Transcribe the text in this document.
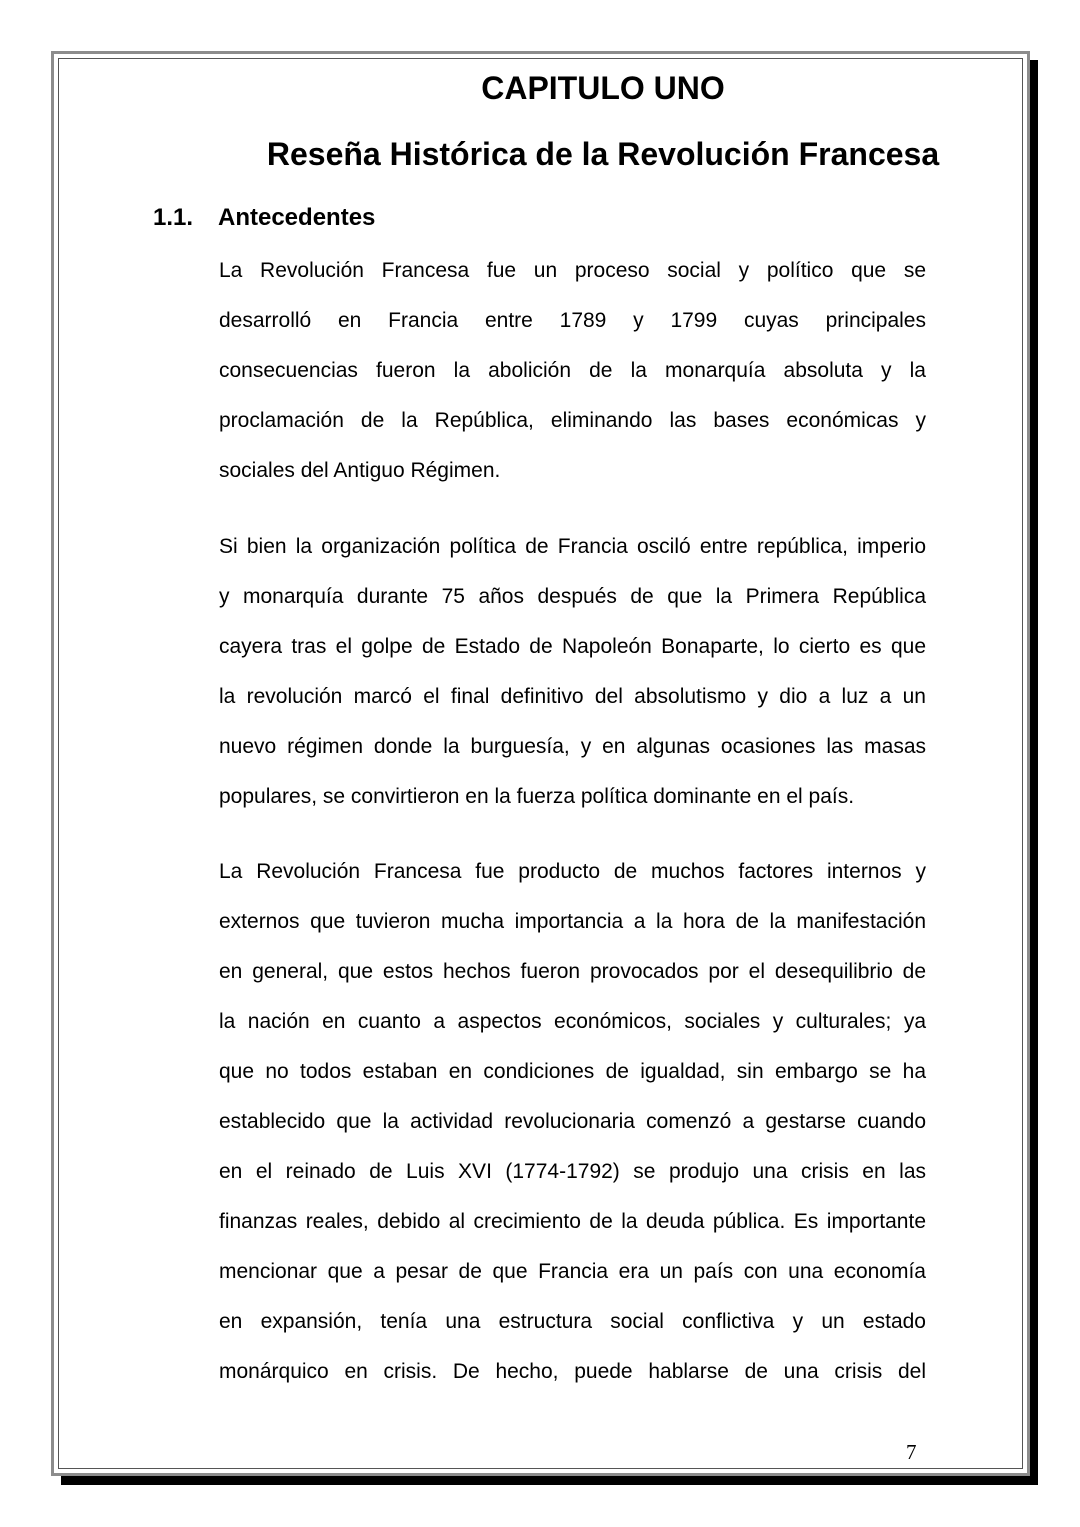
CAPITULO UNO
Reseña Histórica de la Revolución Francesa
1.1. Antecedentes
La Revolución Francesa fue un proceso social y político que se
desarrolló en Francia entre 1789 y 1799 cuyas principales
consecuencias fueron la abolición de la monarquía absoluta y la
proclamación de la República, eliminando las bases económicas y
sociales del Antiguo Régimen.
Si bien la organización política de Francia osciló entre república, imperio
y monarquía durante 75 años después de que la Primera República
cayera tras el golpe de Estado de Napoleón Bonaparte, lo cierto es que
la revolución marcó el final definitivo del absolutismo y dio a luz a un
nuevo régimen donde la burguesía, y en algunas ocasiones las masas
populares, se convirtieron en la fuerza política dominante en el país.
La Revolución Francesa fue producto de muchos factores internos y
externos que tuvieron mucha importancia a la hora de la manifestación
en general, que estos hechos fueron provocados por el desequilibrio de
la nación en cuanto a aspectos económicos, sociales y culturales; ya
que no todos estaban en condiciones de igualdad, sin embargo se ha
establecido que la actividad revolucionaria comenzó a gestarse cuando
en el reinado de Luis XVI (1774-1792) se produjo una crisis en las
finanzas reales, debido al crecimiento de la deuda pública. Es importante
mencionar que a pesar de que Francia era un país con una economía
en expansión, tenía una estructura social conflictiva y un estado
monárquico en crisis. De hecho, puede hablarse de una crisis del
7
